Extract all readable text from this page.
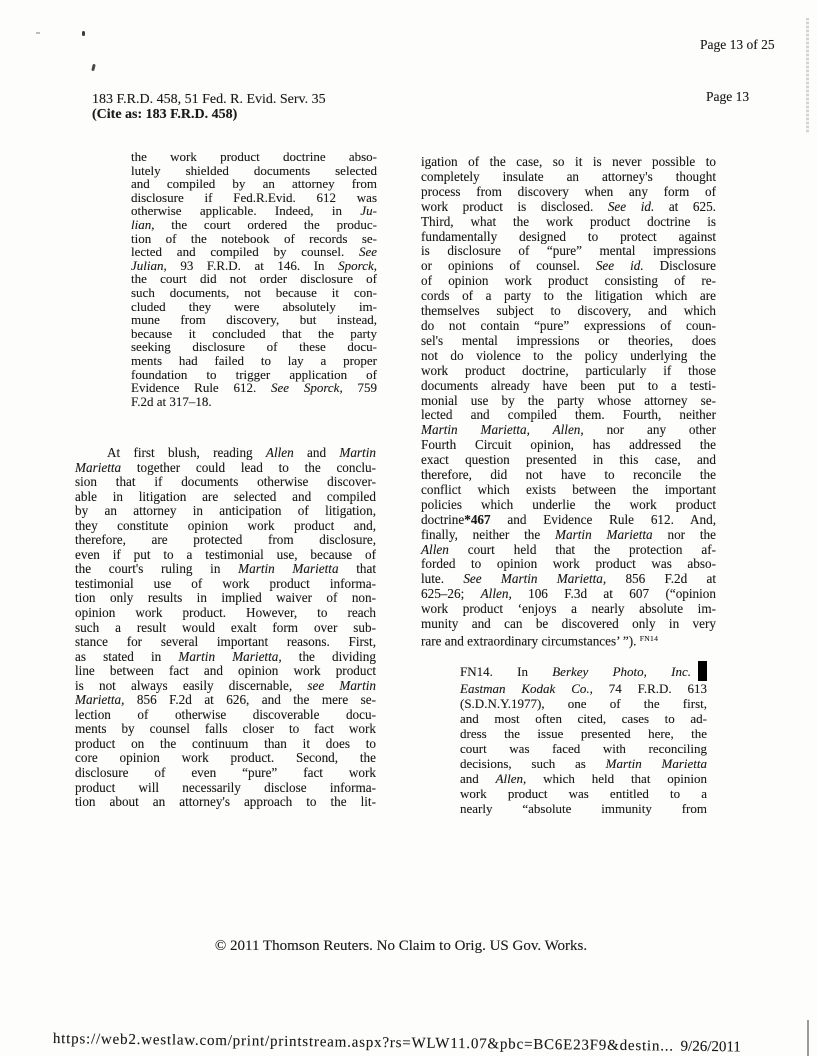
Page 13 of 25
183 F.R.D. 458, 51 Fed. R. Evid. Serv. 35
(Cite as: 183 F.R.D. 458)
Page 13
the work product doctrine abso-
lutely shielded documents selected
and compiled by an attorney from
disclosure if Fed.R.Evid. 612 was
otherwise applicable. Indeed, in Ju-
lian, the court ordered the produc-
tion of the notebook of records se-
lected and compiled by counsel. See
Julian, 93 F.R.D. at 146. In Sporck,
the court did not order disclosure of
such documents, not because it con-
cluded they were absolutely im-
mune from discovery, but instead,
because it concluded that the party
seeking disclosure of these docu-
ments had failed to lay a proper
foundation to trigger application of
Evidence Rule 612. See Sporck, 759
F.2d at 317–18.
At first blush, reading Allen and Martin
Marietta together could lead to the conclu-
sion that if documents otherwise discover-
able in litigation are selected and compiled
by an attorney in anticipation of litigation,
they constitute opinion work product and,
therefore, are protected from disclosure,
even if put to a testimonial use, because of
the court's ruling in Martin Marietta that
testimonial use of work product informa-
tion only results in implied waiver of non-
opinion work product. However, to reach
such a result would exalt form over sub-
stance for several important reasons. First,
as stated in Martin Marietta, the dividing
line between fact and opinion work product
is not always easily discernable, see Martin
Marietta, 856 F.2d at 626, and the mere se-
lection of otherwise discoverable docu-
ments by counsel falls closer to fact work
product on the continuum than it does to
core opinion work product. Second, the
disclosure of even “pure” fact work
product will necessarily disclose informa-
tion about an attorney's approach to the lit-
igation of the case, so it is never possible to
completely insulate an attorney's thought
process from discovery when any form of
work product is disclosed. See id. at 625.
Third, what the work product doctrine is
fundamentally designed to protect against
is disclosure of “pure” mental impressions
or opinions of counsel. See id. Disclosure
of opinion work product consisting of re-
cords of a party to the litigation which are
themselves subject to discovery, and which
do not contain “pure” expressions of coun-
sel's mental impressions or theories, does
not do violence to the policy underlying the
work product doctrine, particularly if those
documents already have been put to a testi-
monial use by the party whose attorney se-
lected and compiled them. Fourth, neither
Martin Marietta, Allen, nor any other
Fourth Circuit opinion, has addressed the
exact question presented in this case, and
therefore, did not have to reconcile the
conflict which exists between the important
policies which underlie the work product
doctrine*467 and Evidence Rule 612. And,
finally, neither the Martin Marietta nor the
Allen court held that the protection af-
forded to opinion work product was abso-
lute. See Martin Marietta, 856 F.2d at
625–26; Allen, 106 F.3d at 607 (“opinion
work product ‘enjoys a nearly absolute im-
munity and can be discovered only in very
rare and extraordinary circumstances’ ”). $^{FN14}$
FN14. In Berkey Photo, Inc.
Eastman Kodak Co., 74 F.R.D. 613
(S.D.N.Y.1977), one of the first,
and most often cited, cases to ad-
dress the issue presented here, the
court was faced with reconciling
decisions, such as Martin Marietta
and Allen, which held that opinion
work product was entitled to a
nearly “absolute immunity from
© 2011 Thomson Reuters. No Claim to Orig. US Gov. Works.
https://web2.westlaw.com/print/printstream.aspx?rs=WLW11.07&pbc=BC6E23F9&destin... 9/26/2011
